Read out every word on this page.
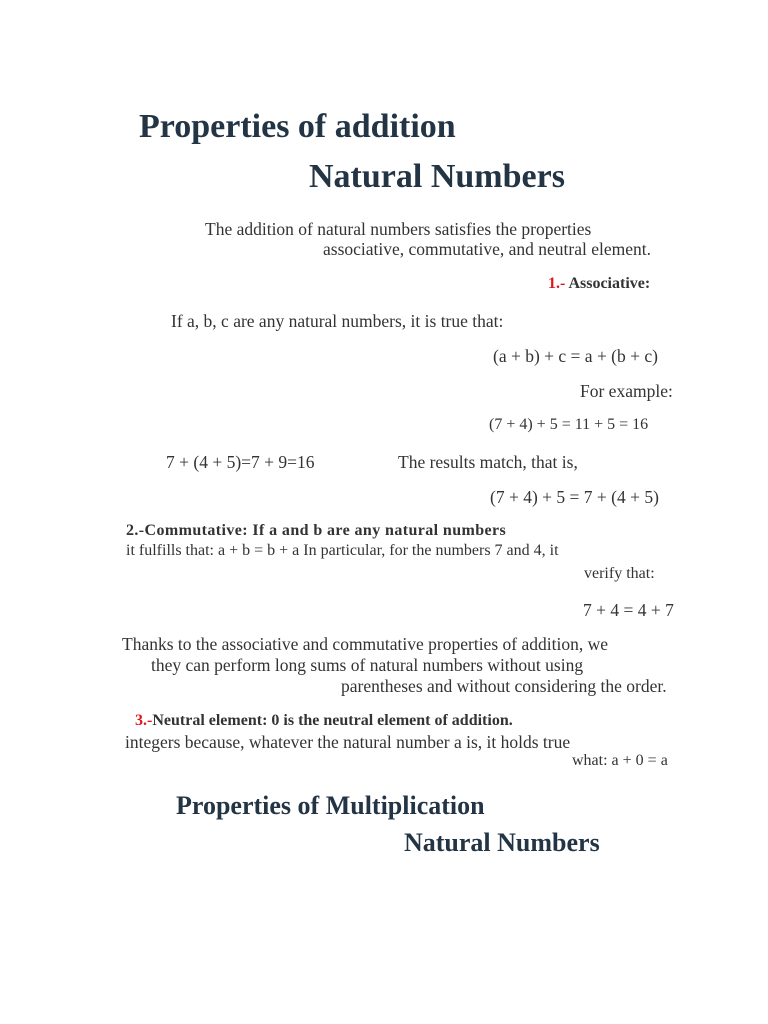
Properties of addition
Natural Numbers
The addition of natural numbers satisfies the properties
associative, commutative, and neutral element.
1.- Associative:
If a, b, c are any natural numbers, it is true that:
(a + b) + c = a + (b + c)
For example:
(7 + 4) + 5 = 11 + 5 = 16
7 + (4 + 5)=7 + 9=16	The results match, that is,
(7 + 4) + 5 = 7 + (4 + 5)
2.-Commutative: If a and b are any natural numbers
it fulfills that: a + b = b + a In particular, for the numbers 7 and 4, it
verify that:
7 + 4 = 4 + 7
Thanks to the associative and commutative properties of addition, we
they can perform long sums of natural numbers without using
parentheses and without considering the order.
3.-Neutral element: 0 is the neutral element of addition.
integers because, whatever the natural number a is, it holds true
what: a + 0 = a
Properties of Multiplication
Natural Numbers
